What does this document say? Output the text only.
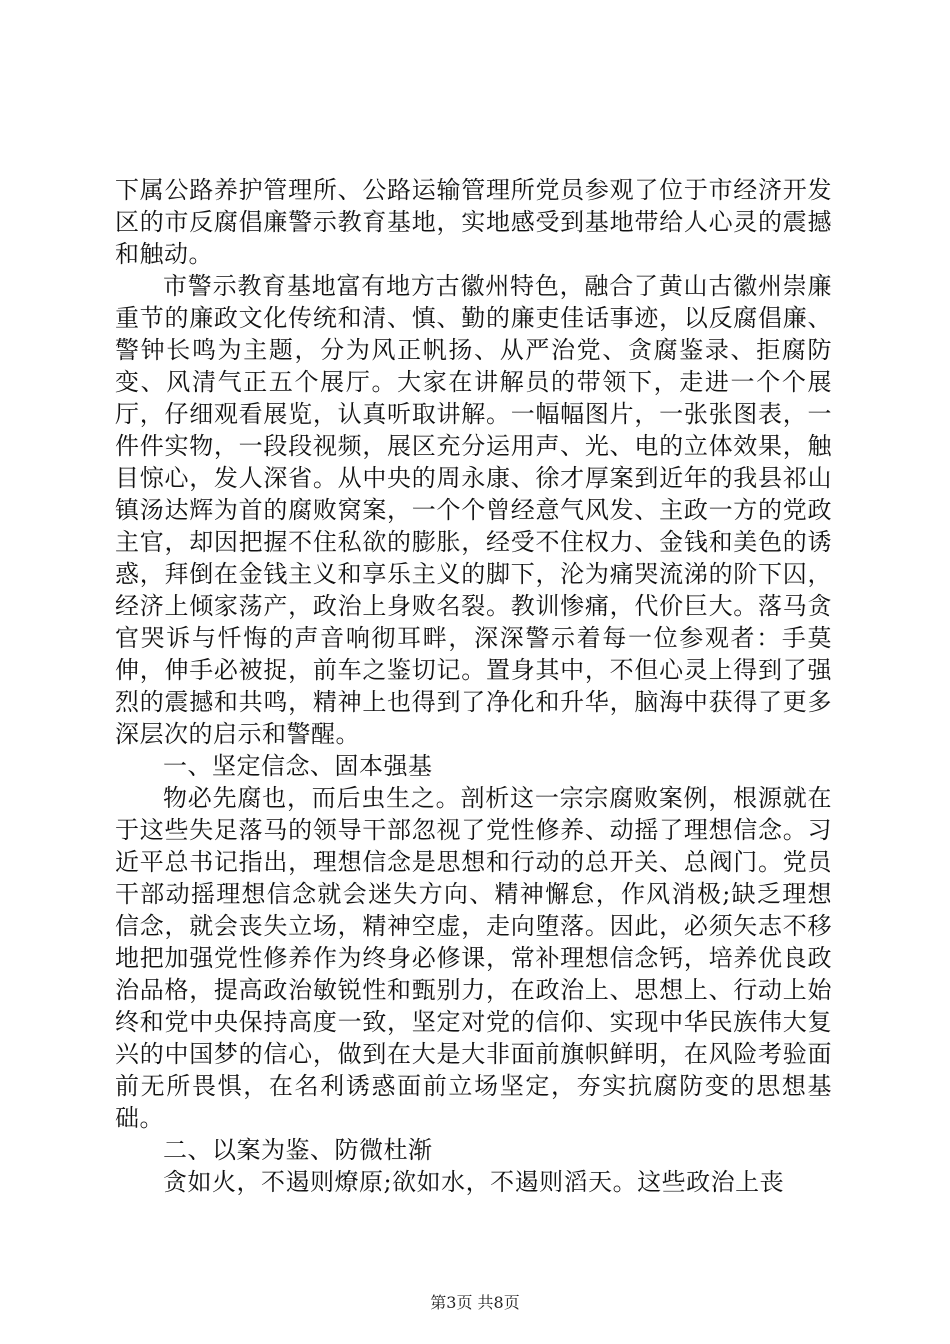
下属公路养护管理所、公路运输管理所党员参观了位于市经济开发区的市反腐倡廉警示教育基地，实地感受到基地带给人心灵的震撼和触动。

市警示教育基地富有地方古徽州特色，融合了黄山古徽州崇廉重节的廉政文化传统和清、慎、勤的廉吏佳话事迹，以反腐倡廉、警钟长鸣为主题，分为风正帆扬、从严治党、贪腐鉴录、拒腐防变、风清气正五个展厅。大家在讲解员的带领下，走进一个个展厅，仔细观看展览，认真听取讲解。一幅幅图片，一张张图表，一件件实物，一段段视频，展区充分运用声、光、电的立体效果，触目惊心，发人深省。从中央的周永康、徐才厚案到近年的我县祁山镇汤达辉为首的腐败窝案，一个个曾经意气风发、主政一方的党政主官，却因把握不住私欲的膨胀，经受不住权力、金钱和美色的诱惑，拜倒在金钱主义和享乐主义的脚下，沦为痛哭流涕的阶下囚，经济上倾家荡产，政治上身败名裂。教训惨痛，代价巨大。落马贪官哭诉与忏悔的声音响彻耳畔，深深警示着每一位参观者：手莫伸，伸手必被捉，前车之鉴切记。置身其中，不但心灵上得到了强烈的震撼和共鸣，精神上也得到了净化和升华，脑海中获得了更多深层次的启示和警醒。

一、坚定信念、固本强基

物必先腐也，而后虫生之。剖析这一宗宗腐败案例，根源就在于这些失足落马的领导干部忽视了党性修养、动摇了理想信念。习近平总书记指出，理想信念是思想和行动的总开关、总阀门。党员干部动摇理想信念就会迷失方向、精神懈怠，作风消极;缺乏理想信念，就会丧失立场，精神空虚，走向堕落。因此，必须矢志不移地把加强党性修养作为终身必修课，常补理想信念钙，培养优良政治品格，提高政治敏锐性和甄别力，在政治上、思想上、行动上始终和党中央保持高度一致，坚定对党的信仰、实现中华民族伟大复兴的中国梦的信心，做到在大是大非面前旗帜鲜明，在风险考验面前无所畏惧，在名利诱惑面前立场坚定，夯实抗腐防变的思想基础。

二、以案为鉴、防微杜渐

贪如火，不遏则燎原;欲如水，不遏则滔天。这些政治上丧

第3页 共8页
